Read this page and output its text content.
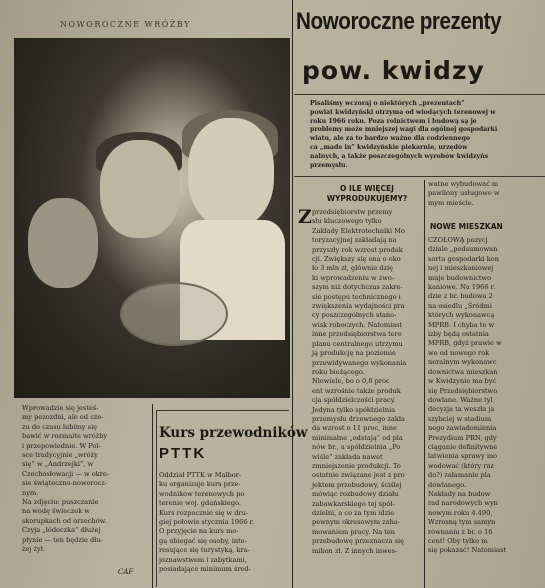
NOWOROCZNE WRÓŻBY
Wprowadzie się jesteś-
my pezozdni, ale od cze-
zu do czasu lubimy się
bawić w rozmaite wróżby
i przepowiednie. W Pol-
sce tradycyjnie „wróży
się” w „Andrzejki”, w
Czechosłowacji — w okre-
sie świąteczno-noworocz-
nym.
Na zdjęciu: puszczanie
na wodę świeczek w
skorupkach od orzechów.
Czyja „łódeczka” dłużej
płynie — ten będzie dłu-
żej żył.
CAF
Kurs przewodników
PTTK
Oddział PTTK w Malbor-
ku organizuje kurs prze-
wodników terenowych po
terenie woj. gdańskiego.
Kurs rozpocznie się w dru-
giej połowie stycznia 1966 r.
O przyjęcie na kurs mo-
gą ubiegać się osoby, inte-
resujące się turystyką, kra-
joznawstwem i zabytkami,
posiadające minimum śred-
Noworoczne prezenty
pow. kwidzy
Pisaliśmy wczoraj o niektórych „prezentach”
powiat kwidzyński otrzyma od wiodących terenowej w
roku 1966 roku. Poza rolnictwem i budową są je
problemy może mniejszej wagi dla ogólnej gospodarki
wiatu, ale za to bardzo ważne dla codziennego
ca „made in” kwidzyńskie piekarnie, urzędów
nalnych, a także poszczególnych wyrobów kwidzyńs
przemysłu.
O ILE WIĘCEJ
WYPRODUKUJEMY?
Z przedsiębiorstw przemy
słu kluczowego tylko
Zakłady Elektrotechniki Mo
toryzacyjnej zakładają na
przyszły rok wzrost produk
cji. Zwiększy się ona o oko
ło 3 mln zł, głównie dzię
ki wprowadzeniu w zwo-
szym niż dotychczas zakre-
sie postępu technicznego i
zwiększenia wydajności pra
cy poszczególnych stano-
wisk roboczych. Natomiast
inne przedsiębiorstwa tere
planu centralnego utrzymu
ją produkcję na poziomie
przewidywanego wykonania
roku bieżącego.
Niewiele, bo o 0,8 proc
ent wzrośnie także produk
cja spółdzielczości pracy.
Jedyna tylko spółdzielnia
przemysłu drzewnego zakła
da wzrost o 11 proc, inne
minimalne „odstają” od pla
nów br., a spółdzielnia „Po
wiśle” zakłada nawet
zmniejszenie produkcji. To
ostatnie związane jest z pro
jektem przebudowy, ściślej
mówiąc rozbudowy działu
zabawkarskiego tej spół-
dzielni, a co za tym idzie
pewnym okresowym zaha-
mowaniem pracy. Na ten
przebudowę przeznacza się
milion zł. Z innych inwes-
watne wybudować m
pawilony usługowe w
mym mieście.
NOWE MIESZKAN
CZOŁOWĄ pozycj
dziale „podsumowan
sortu gospodarki kon
nej i mieszkaniowej
muje budownictwo
kaniowe. Na 1966 r.
dzie z br. budowa 2
na osiedlu „Śródmi
których wykonawcą
MPRB. I chyba te w
izby będą ostatnia
MPRB, gdyż prawie w
wo od nowego rok
neralnym wykonawc
downictwa mieszkan
w Kwidzynie ma być
się Przedsiębiorstwo
dowlane. Ważne tyl
decyzja ta weszła ja
szybciej w stadium
nego zawiadomienia
Prezydium PRN, gdy
ciąganie definitywne
latwienia sprawy mo
wodować (który raz
do?) załamanie pla
dowlanego.
Nakłady na budow
rad narodowych wyn
nowym roku 4.490,
Wzrosną tym samyn
równaniu z br. o 16
cent! Oby tylko m
się pokazać! Natomiast
